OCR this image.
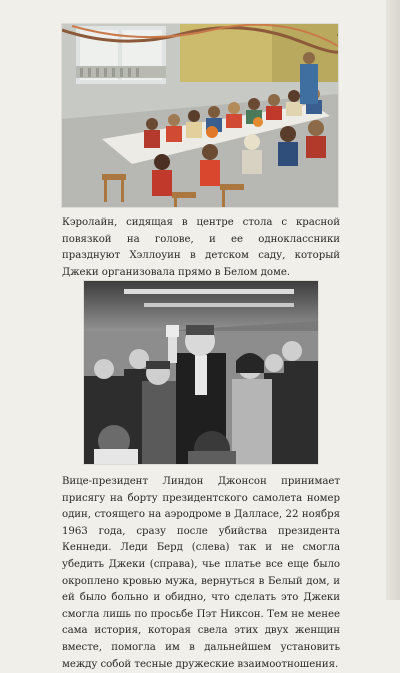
Кэролайн, сидящая в центре стола с красной повязкой на голове, и ее одноклассники празднуют Хэллоуин в детском саду, который Джеки организовала прямо в Белом доме.

Вице-президент Линдон Джонсон принимает присягу на борту президентского самолета номер один, стоящего на аэродроме в Далласе, 22 ноября 1963 года, сразу после убийства президента Кеннеди. Леди Берд (слева) так и не смогла убедить Джеки (справа), чье платье все еще было окроплено кровью мужа, вернуться в Белый дом, и ей было больно и обидно, что сделать это Джеки смогла лишь по просьбе Пэт Никсон. Тем не менее сама история, которая свела этих двух женщин вместе, помогла им в дальнейшем установить между собой тесные дружеские взаимоотношения.
